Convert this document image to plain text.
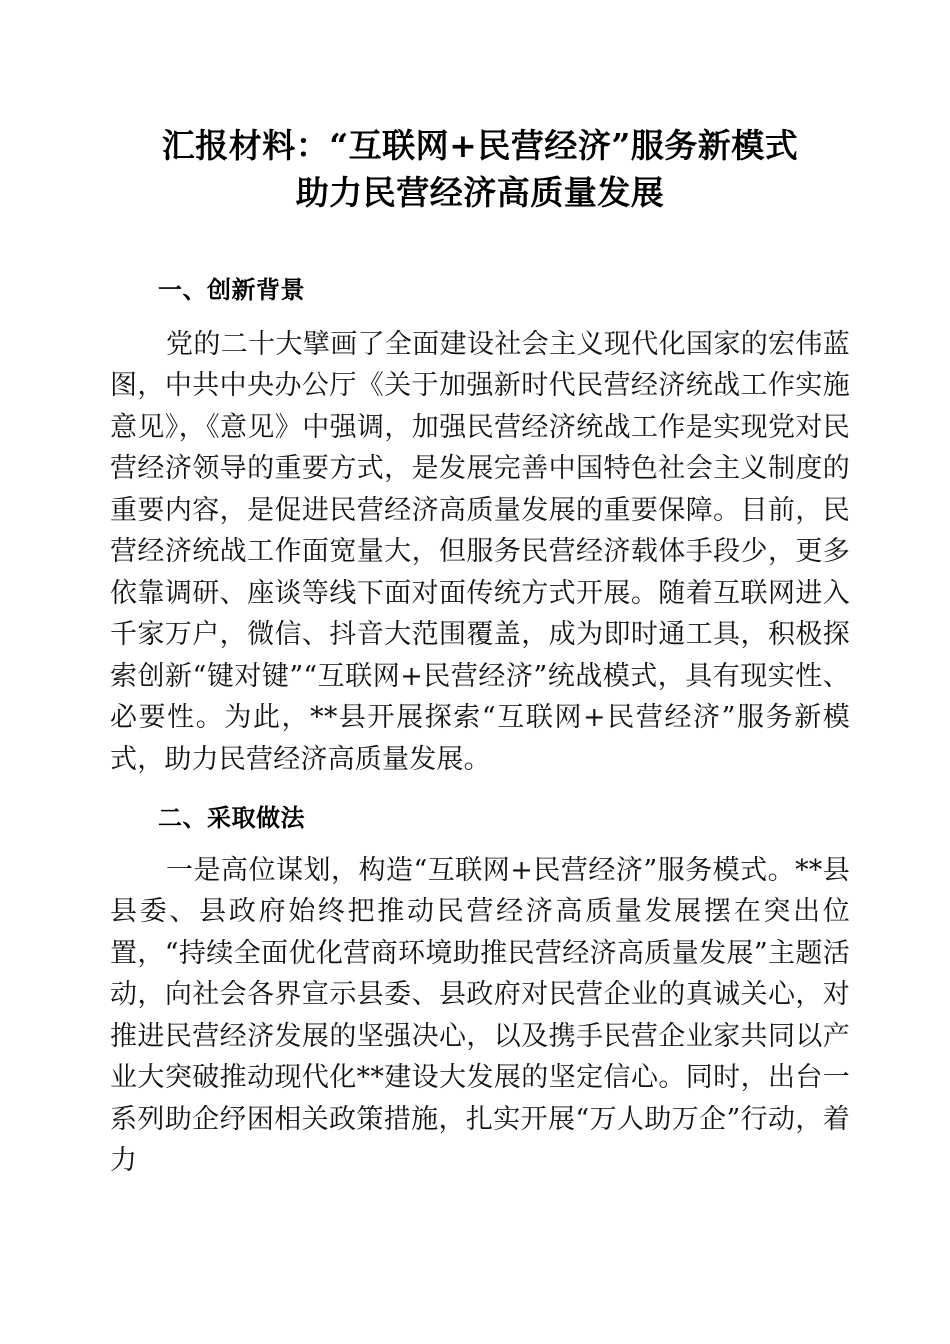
汇报材料：“互联网+民营经济”服务新模式
助力民营经济高质量发展
一、创新背景

党的二十大擘画了全面建设社会主义现代化国家的宏伟蓝图，中共中央办公厅《关于加强新时代民营经济统战工作实施意见》，《意见》中强调，加强民营经济统战工作是实现党对民营经济领导的重要方式，是发展完善中国特色社会主义制度的重要内容，是促进民营经济高质量发展的重要保障。目前，民营经济统战工作面宽量大，但服务民营经济载体手段少，更多依靠调研、座谈等线下面对面传统方式开展。随着互联网进入千家万户，微信、抖音大范围覆盖，成为即时通工具，积极探索创新“键对键”“互联网+民营经济”统战模式，具有现实性、必要性。为此，**县开展探索“互联网+民营经济”服务新模式，助力民营经济高质量发展。

二、采取做法

一是高位谋划，构造“互联网+民营经济”服务模式。**县县委、县政府始终把推动民营经济高质量发展摆在突出位置，“持续全面优化营商环境助推民营经济高质量发展”主题活动，向社会各界宣示县委、县政府对民营企业的真诚关心，对推进民营经济发展的坚强决心，以及携手民营企业家共同以产业大突破推动现代化**建设大发展的坚定信心。同时，出台一系列助企纾困相关政策措施，扎实开展“万人助万企”行动，着力
